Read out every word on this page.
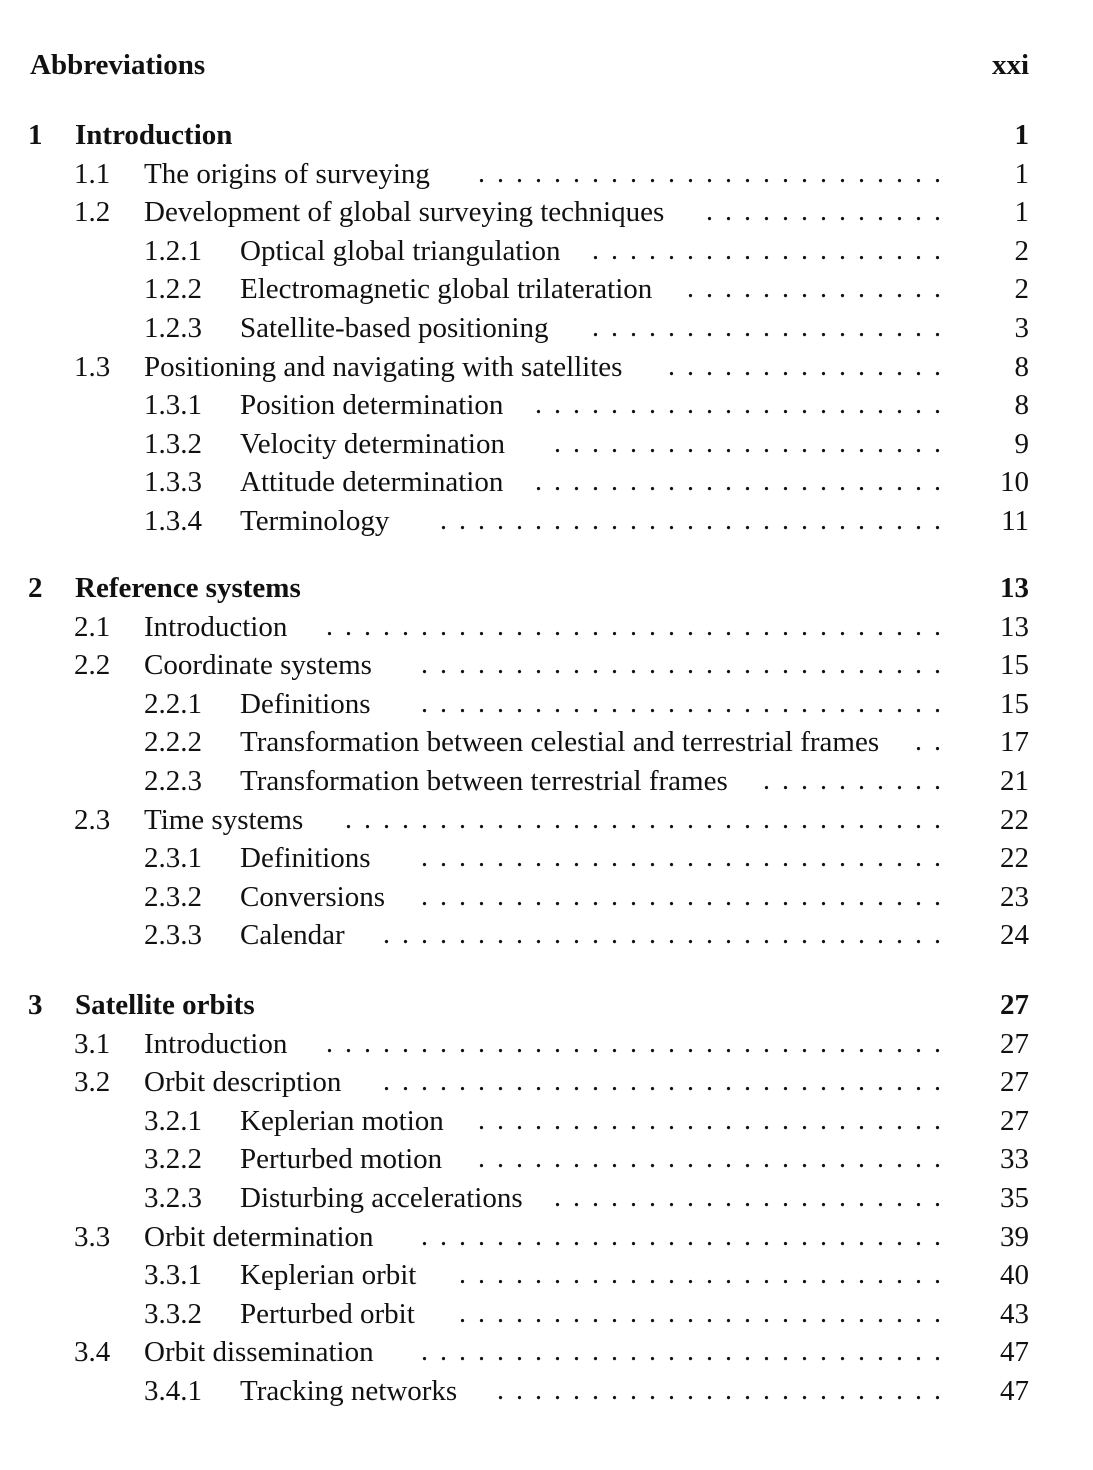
Abbreviations	xxi
1 Introduction	1
1.1 The origins of surveying	1
.........................
1.2 Development of global surveying techniques	1
.............
1.2.1 Optical global triangulation	2
...................
1.2.2 Electromagnetic global trilateration	2
..............
1.2.3 Satellite-based positioning	3
...................
1.3 Positioning and navigating with satellites	8
...............
1.3.1 Position determination	8
......................
1.3.2 Velocity determination	9
.....................
1.3.3 Attitude determination	10
......................
1.3.4 Terminology	11
...........................
2 Reference systems	13
2.1 Introduction	13
.................................
2.2 Coordinate systems	15
............................
2.2.1 Definitions	15
............................
2.2.2 Transformation between celestial and terrestrial frames	17
..
2.2.3 Transformation between terrestrial frames	21
..........
2.3 Time systems	22
................................
2.3.1 Definitions	22
............................
2.3.2 Conversions	23
............................
2.3.3 Calendar	24
..............................
3 Satellite orbits	27
3.1 Introduction	27
.................................
3.2 Orbit description	27
..............................
3.2.1 Keplerian motion	27
.........................
3.2.2 Perturbed motion	33
.........................
3.2.3 Disturbing accelerations	35
.....................
3.3 Orbit determination	39
............................
3.3.1 Keplerian orbit	40
..........................
3.3.2 Perturbed orbit	43
..........................
3.4 Orbit dissemination	47
............................
3.4.1 Tracking networks	47
........................
